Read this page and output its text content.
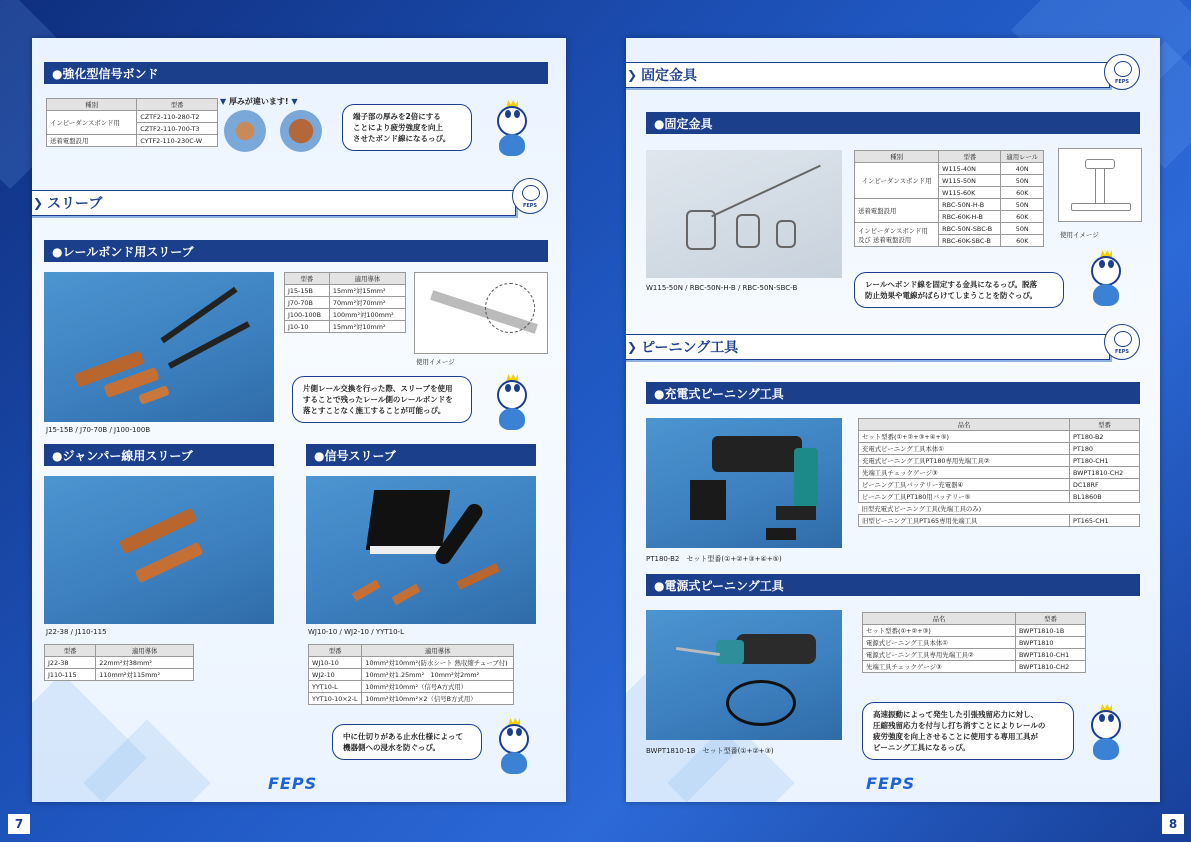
7	8
●強化型信号ボンド
種別	型番
インピーダンスボンド用	CZTF2-110-280-T2
	CZTF2-110-700-T3
送着電盤設用	CYTF2-110-230C-W
▼ 厚みが違います! ▼
端子部の厚みを2倍にする
ことにより疲労強度を向上
させたボンド線になるっぴ。
❯ スリーブ	FEPS
●レールボンド用スリーブ
J15-15B / J70-70B / J100-100B
型番	適用導体
J15-15B	15mm²対15mm²
J70-70B	70mm²対70mm²
J100-100B	100mm²対100mm²
J10-10	15mm²対10mm²
使用イメージ
片側レール交換を行った際、スリーブを使用
することで残ったレール側のレールボンドを
落とすことなく施工することが可能っぴ。
●ジャンパー線用スリーブ
J22-38 / J110-115
型番	適用導体
J22-38	22mm²対38mm²
J110-115	110mm²対115mm²
●信号スリーブ
WJ10-10 / WJ2-10 / YYT10-L
型番	適用導体
WJ10-10	10mm²対10mm²(防水シート 熱収縮チューブ付)
WJ2-10	10mm²対1.25mm²　10mm²対2mm²
YYT10-L	10mm²対10mm²（信号A方式用）
YYT10-10×2-L	10mm²対10mm²×2（信号B方式用）
中に仕切りがある止水仕様によって
機器側への浸水を防ぐっぴ。
FEPS
❯ 固定金具	FEPS
●固定金具
W115-50N / RBC-50N-H-B / RBC-50N-SBC-B
種別	型番	適用レール
インピーダンスボンド用	W115-40N	40N
	W115-50N	50N
	W115-60K	60K
送着電盤設用	RBC-50N-H-B	50N
	RBC-60K-H-B	60K

インピーダンスボンド用
及び 送着電盤設用	RBC-50N-SBC-B	50N
	RBC-60K-SBC-B	60K
使用イメージ
レールへボンド線を固定する金具になるっぴ。脱落
防止効果や電線がばらけてしまうことを防ぐっぴ。
❯ ピーニング工具	FEPS
●充電式ピーニング工具
PT180-B2　セット型番(①+②+③+④+⑤)
品名	型番
セット型番(①+②+③+④+⑤)	PT180-B2
充電式ピーニング工具本体①	PT180
充電式ピーニング工具PT180専用先端工具②	PT180-CH1
先端工具チェックゲージ③	BWPT1810-CH2
ピーニング工具バッテリー充電器④	DC18RF
ピーニング工具PT180用バッテリー⑤	BL1860B
旧型充電式ピーニング工具(先端工具のみ)	
旧型ピーニング工具PT165専用先端工具	PT165-CH1
●電源式ピーニング工具
BWPT1810-1B　セット型番(①+②+③)
品名	型番
セット型番(①+②+③)	BWPT1810-1B
電源式ピーニング工具本体①	BWPT1810
電源式ピーニング工具専用先端工具②	BWPT1810-CH1
先端工具チェックゲージ③	BWPT1810-CH2
高速振動によって発生した引張残留応力に対し、
圧縮残留応力を付与し打ち消すことによりレールの
疲労強度を向上させることに使用する専用工具が
ピーニング工具になるっぴ。
FEPS
